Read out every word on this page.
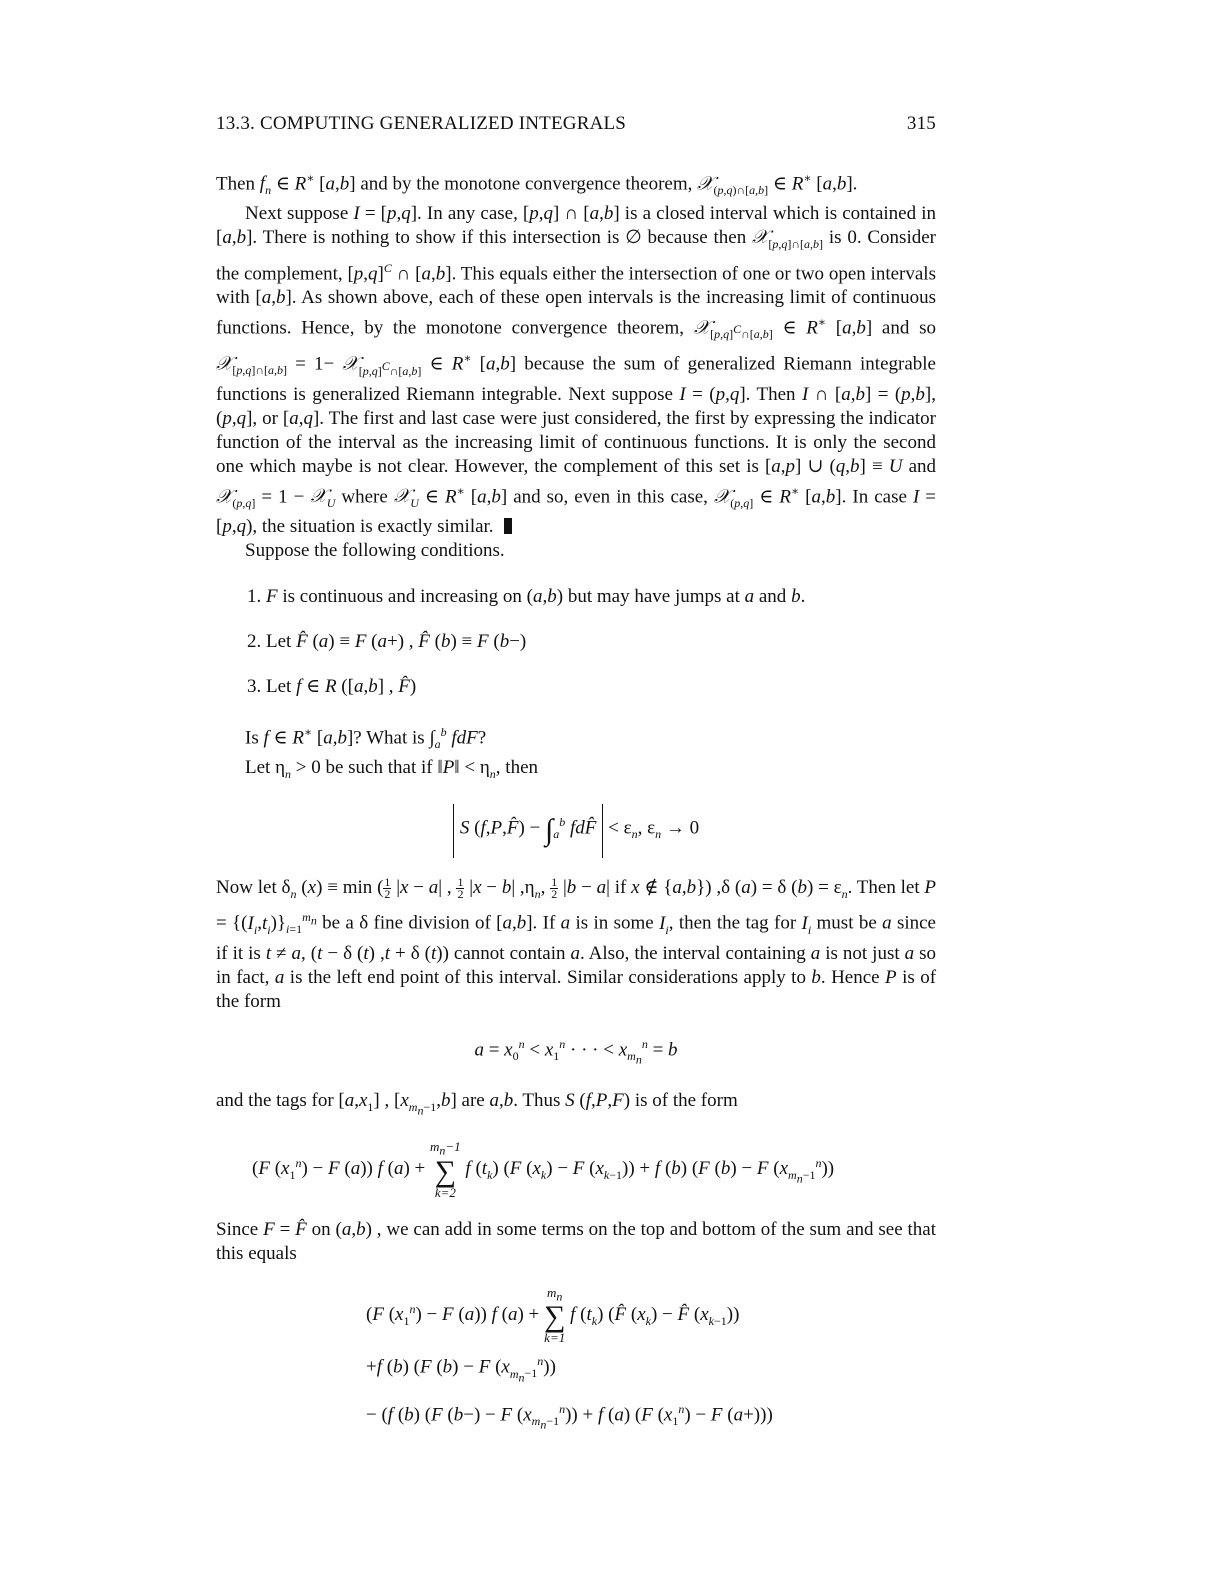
13.3. COMPUTING GENERALIZED INTEGRALS	315

Then $f_n$ ∈ R∗ [a,b] and by the monotone convergence theorem, 𝒳$_{(p,q)\cap[a,b]}$ ∈ R∗ [a,b].

Next suppose I = [p,q]. In any case, [p,q] ∩ [a,b] is a closed interval which is contained in [a,b]. There is nothing to show if this intersection is ∅ because then 𝒳$_{[p,q]\cap[a,b]}$ is 0. Consider the complement, $[p,q]^C$ ∩ [a,b]. This equals either the intersection of one or two open intervals with [a,b]. As shown above, each of these open intervals is the increasing limit of continuous functions. Hence, by the monotone convergence theorem, 𝒳$_{[p,q]^C\cap[a,b]}$ ∈ R∗ [a,b] and so 𝒳$_{[p,q]\cap[a,b]}$ = 1− 𝒳$_{[p,q]^C\cap[a,b]}$ ∈ R∗ [a,b] because the sum of generalized Riemann integrable functions is generalized Riemann integrable. Next suppose I = (p,q]. Then I ∩ [a,b] = (p,b], (p,q], or [a,q]. The first and last case were just considered, the first by expressing the indicator function of the interval as the increasing limit of continuous functions. It is only the second one which maybe is not clear. However, the complement of this set is [a,p] ∪ (q,b] ≡ U and 𝒳$_{(p,q]}$ = 1 − 𝒳$_U$ where 𝒳$_U$ ∈ R∗ [a,b] and so, even in this case, 𝒳$_{(p,q]}$ ∈ R∗ [a,b]. In case I = [p,q), the situation is exactly similar.

Suppose the following conditions.

1. F is continuous and increasing on (a,b) but may have jumps at a and b.
2. Let F̂ (a) ≡ F (a+) , F̂ (b) ≡ F (b−)
3. Let f ∈ R ([a,b] , F̂)

Is f ∈ R∗ [a,b]? What is $\int_a^b$ fdF?

Let $\eta_n > 0$ be such that if ‖P‖ < $\eta_n$, then

S (f,P,F̂) − $\int_a^b$ fdF̂ < $\varepsilon_n$, $\varepsilon_n \to 0$

Now let $\delta_n$ (x) ≡ min ( $\frac{1}{2} |x - a|$ , $\frac{1}{2} |x - b|$ $,\eta_n$, $\frac{1}{2} |b - a|$ if x ∉ {a,b}) ,δ (a) = δ $(b) = \varepsilon_n$. Then let $P = \{(I_i,t_i)\}_{i=1}^{m_n}$ be a δ fine division of [a,b]. If a is in some $I_i$, then the tag for $I_i$ must be a since if it is t ≠ a, (t − δ (t) ,t + δ (t)) cannot contain a. Also, the interval containing a is not just a so in fact, a is the left end point of this interval. Similar considerations apply to b. Hence P is of the form

$a = x_0^n < x_1^n$ · · · < $x_{m_n}^n = b$

and the tags for $[a,x_1]$ , $[x_{m_n-1},b]$ are a,b. Thus S (f,P,F) is of the form

(F $(x_1^n) - F$ (a)) f (a) +
$m_n-1$
∑
k=2
f $(t_k)$ (F $(x_k) - F$ $(x_{k-1})) + f$ (b) (F (b) − F $(x_{m_n-1}^n)$)

Since F = F̂ on (a,b) , we can add in some terms on the top and bottom of the sum and see that this equals

(F $(x_1^n) - F$ (a)) f (a) +
$m_n$
∑
k=1
f $(t_k)$ (F̂ $(x_k)$ − F̂ $(x_{k-1})$)
+f (b) (F (b) − F $(x_{m_n-1}^n)$)
− (f (b) (F (b−) − F $(x_{m_n-1}^n)) + f$ (a) (F $(x_1^n) - F$ (a+)))
